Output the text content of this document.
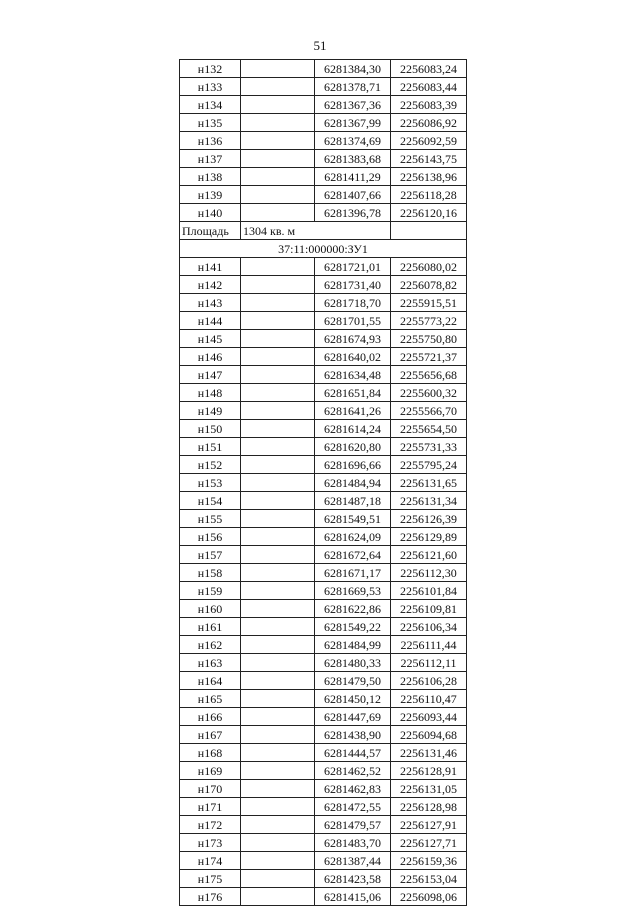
51
н132		6281384,30	2256083,24
н133		6281378,71	2256083,44
н134		6281367,36	2256083,39
н135		6281367,99	2256086,92
н136		6281374,69	2256092,59
н137		6281383,68	2256143,75
н138		6281411,29	2256138,96
н139		6281407,66	2256118,28
н140		6281396,78	2256120,16
Площадь	1304 кв. м		
37:11:000000:ЗУ1			
н141		6281721,01	2256080,02
н142		6281731,40	2256078,82
н143		6281718,70	2255915,51
н144		6281701,55	2255773,22
н145		6281674,93	2255750,80
н146		6281640,02	2255721,37
н147		6281634,48	2255656,68
н148		6281651,84	2255600,32
н149		6281641,26	2255566,70
н150		6281614,24	2255654,50
н151		6281620,80	2255731,33
н152		6281696,66	2255795,24
н153		6281484,94	2256131,65
н154		6281487,18	2256131,34
н155		6281549,51	2256126,39
н156		6281624,09	2256129,89
н157		6281672,64	2256121,60
н158		6281671,17	2256112,30
н159		6281669,53	2256101,84
н160		6281622,86	2256109,81
н161		6281549,22	2256106,34
н162		6281484,99	2256111,44
н163		6281480,33	2256112,11
н164		6281479,50	2256106,28
н165		6281450,12	2256110,47
н166		6281447,69	2256093,44
н167		6281438,90	2256094,68
н168		6281444,57	2256131,46
н169		6281462,52	2256128,91
н170		6281462,83	2256131,05
н171		6281472,55	2256128,98
н172		6281479,57	2256127,91
н173		6281483,70	2256127,71
н174		6281387,44	2256159,36
н175		6281423,58	2256153,04
н176		6281415,06	2256098,06
